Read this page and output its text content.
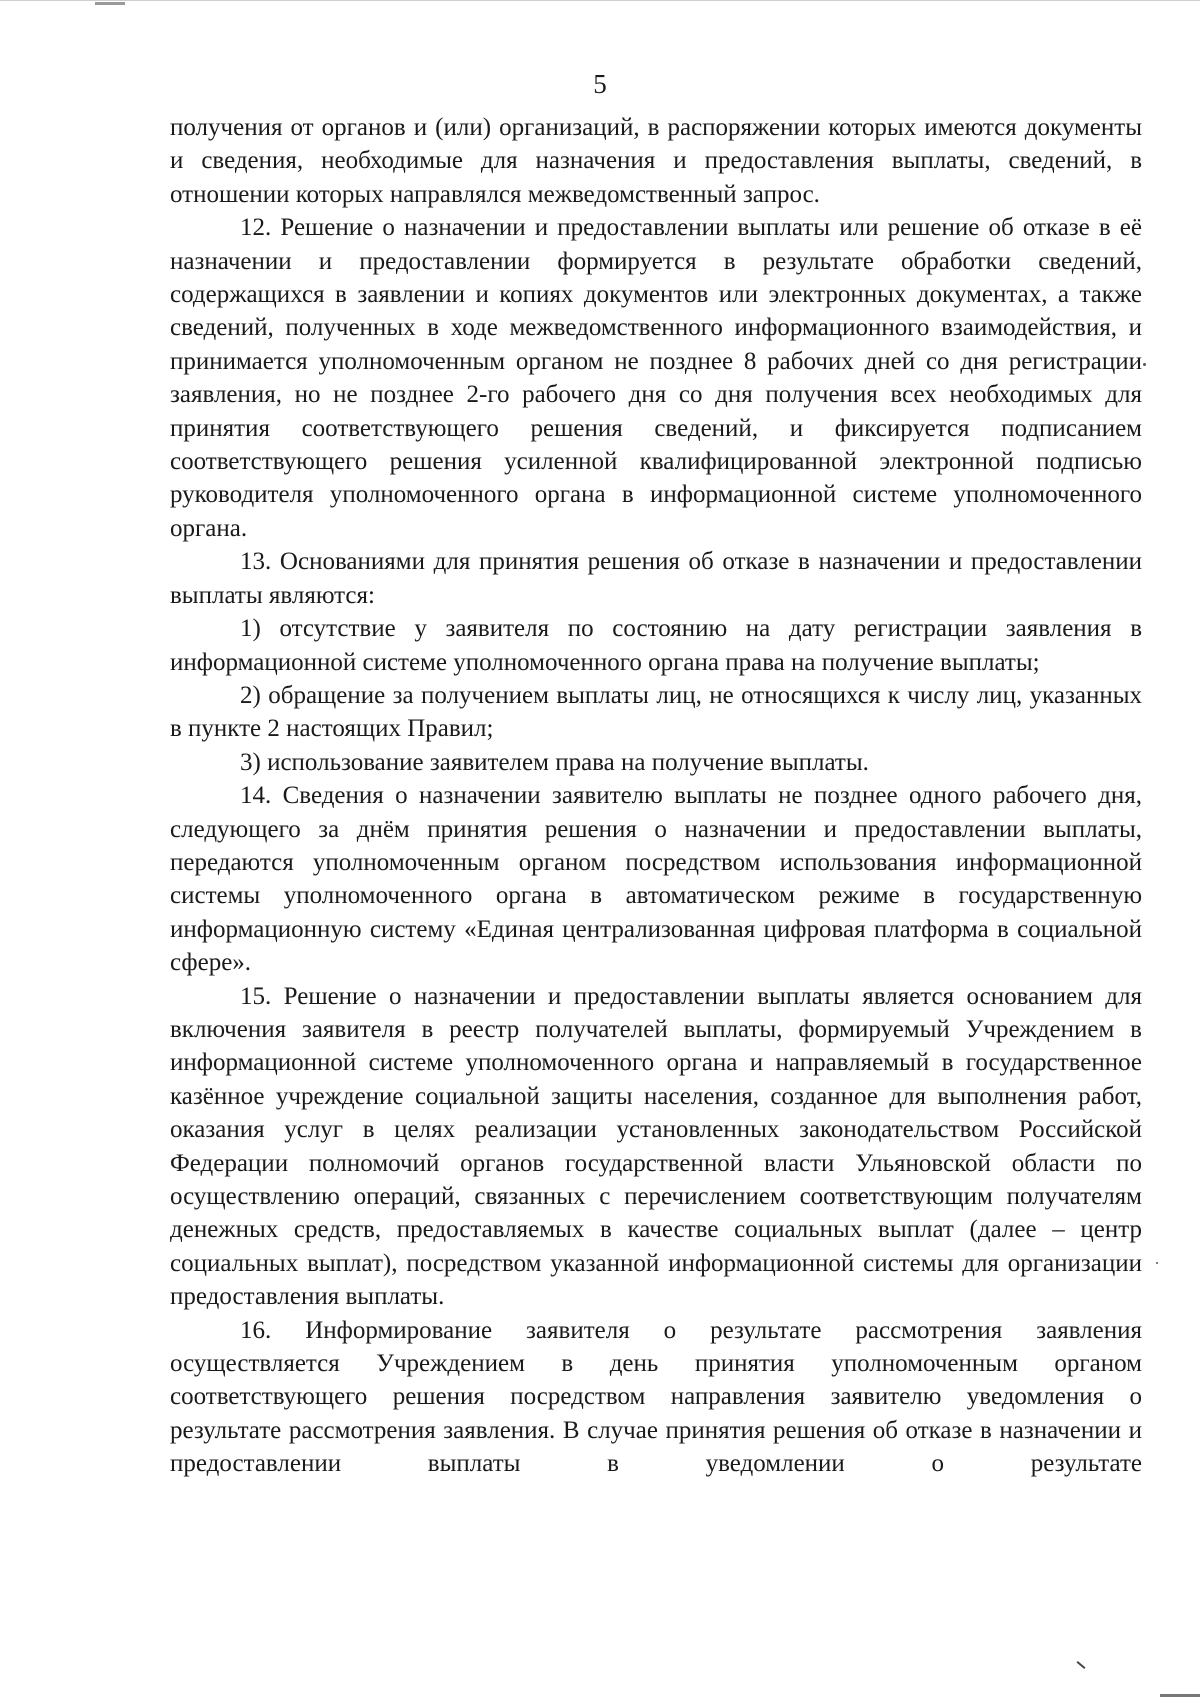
5

получения от органов и (или) организаций, в распоряжении которых имеются документы и сведения, необходимые для назначения и предоставления выплаты, сведений, в отношении которых направлялся межведомственный запрос.

12. Решение о назначении и предоставлении выплаты или решение об отказе в её назначении и предоставлении формируется в результате обработки сведений, содержащихся в заявлении и копиях документов или электронных документах, а также сведений, полученных в ходе межведомственного информационного взаимодействия, и принимается уполномоченным органом не позднее 8 рабочих дней со дня регистрации заявления, но не позднее 2-го рабочего дня со дня получения всех необходимых для принятия соответствующего решения сведений, и фиксируется подписанием соответствующего решения усиленной квалифицированной электронной подписью руководителя уполномоченного органа в информационной системе уполномоченного органа.

13. Основаниями для принятия решения об отказе в назначении и предоставлении выплаты являются:

1) отсутствие у заявителя по состоянию на дату регистрации заявления в информационной системе уполномоченного органа права на получение выплаты;

2) обращение за получением выплаты лиц, не относящихся к числу лиц, указанных в пункте 2 настоящих Правил;

3) использование заявителем права на получение выплаты.

14. Сведения о назначении заявителю выплаты не позднее одного рабочего дня, следующего за днём принятия решения о назначении и предоставлении выплаты, передаются уполномоченным органом посредством использования информационной системы уполномоченного органа в автоматическом режиме в государственную информационную систему «Единая централизованная цифровая платформа в социальной сфере».

15. Решение о назначении и предоставлении выплаты является основанием для включения заявителя в реестр получателей выплаты, формируемый Учреждением в информационной системе уполномоченного органа и направляемый в государственное казённое учреждение социальной защиты населения, созданное для выполнения работ, оказания услуг в целях реализации установленных законодательством Российской Федерации полномочий органов государственной власти Ульяновской области по осуществлению операций, связанных с перечислением соответствующим получателям денежных средств, предоставляемых в качестве социальных выплат (далее – центр социальных выплат), посредством указанной информационной системы для организации предоставления выплаты.

16. Информирование заявителя о результате рассмотрения заявления осуществляется Учреждением в день принятия уполномоченным органом соответствующего решения посредством направления заявителю уведомления о результате рассмотрения заявления. В случае принятия решения об отказе в назначении и предоставлении выплаты в уведомлении о результате
